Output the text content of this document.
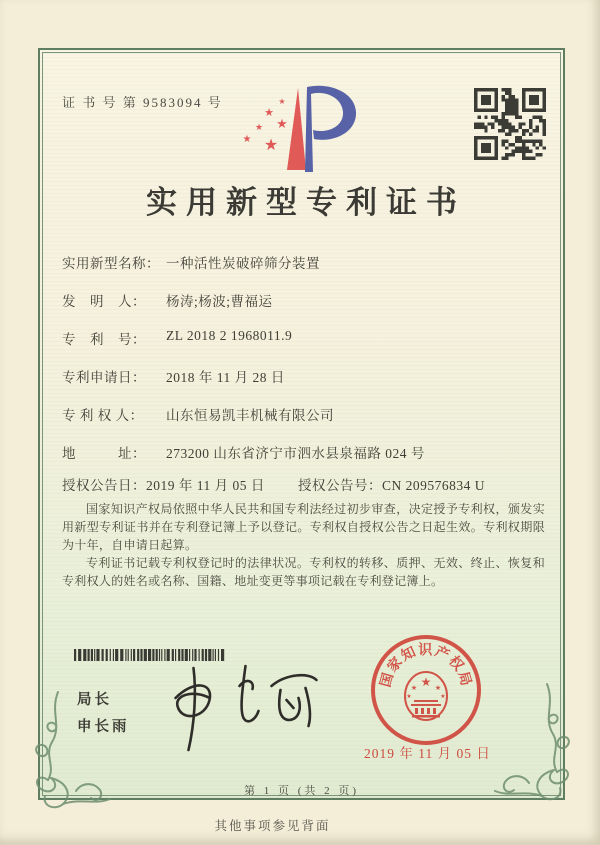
证 书 号 第 9583094 号	★
★
★ ★
★ ★
实用新型专利证书
实用新型名称： 一种活性炭破碎筛分装置
发　明　人：	杨涛;杨波;曹福运
专　利　号：	ZL 2018 2 1968011.9
专利申请日：	2018 年 11 月 28 日
专 利 权 人：	山东恒易凯丰机械有限公司
地　　　址：	273200 山东省济宁市泗水县泉福路 024 号
授权公告日：2019 年 11 月 05 日 授权公告号：CN 209576834 U

国家知识产权局依照中华人民共和国专利法经过初步审查，决定授予专利权，颁发实用新型专利证书并在专利登记簿上予以登记。专利权自授权公告之日起生效。专利权期限为十年，自申请日起算。

专利证书记载专利权登记时的法律状况。专利权的转移、质押、无效、终止、恢复和专利权人的姓名或名称、国籍、地址变更等事项记载在专利登记簿上。

局长
申长雨
国家知识产权局
★
★	★
★	★
2019 年 11 月 05 日
第 1 页 (共 2 页)
其他事项参见背面
